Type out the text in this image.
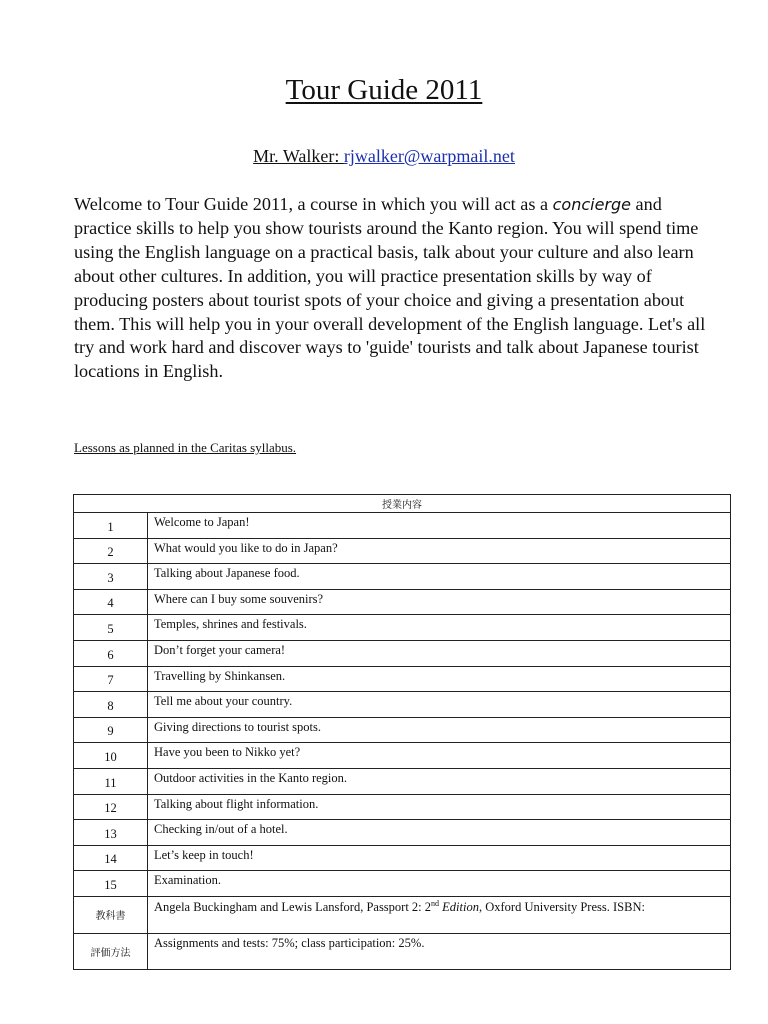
Tour Guide 2011
Mr. Walker: rjwalker@warpmail.net

Welcome to Tour Guide 2011, a course in which you will act as a concierge and practice skills to help you show tourists around the Kanto region. You will spend time using the English language on a practical basis, talk about your culture and also learn about other cultures. In addition, you will practice presentation skills by way of producing posters about tourist spots of your choice and giving a presentation about them. This will help you in your overall development of the English language. Let's all try and work hard and discover ways to 'guide' tourists and talk about Japanese tourist locations in English.

Lessons as planned in the Caritas syllabus.
授業内容	
1	Welcome to Japan!
2	What would you like to do in Japan?
3	Talking about Japanese food.
4	Where can I buy some souvenirs?
5	Temples, shrines and festivals.
6	Don’t forget your camera!
7	Travelling by Shinkansen.
8	Tell me about your country.
9	Giving directions to tourist spots.
10	Have you been to Nikko yet?
11	Outdoor activities in the Kanto region.
12	Talking about flight information.
13	Checking in/out of a hotel.
14	Let’s keep in touch!
15	Examination.
教科書	Angela Buckingham and Lewis Lansford, Passport 2: 2nd Edition, Oxford University Press. ISBN:
評価方法	Assignments and tests: 75%; class participation: 25%.
